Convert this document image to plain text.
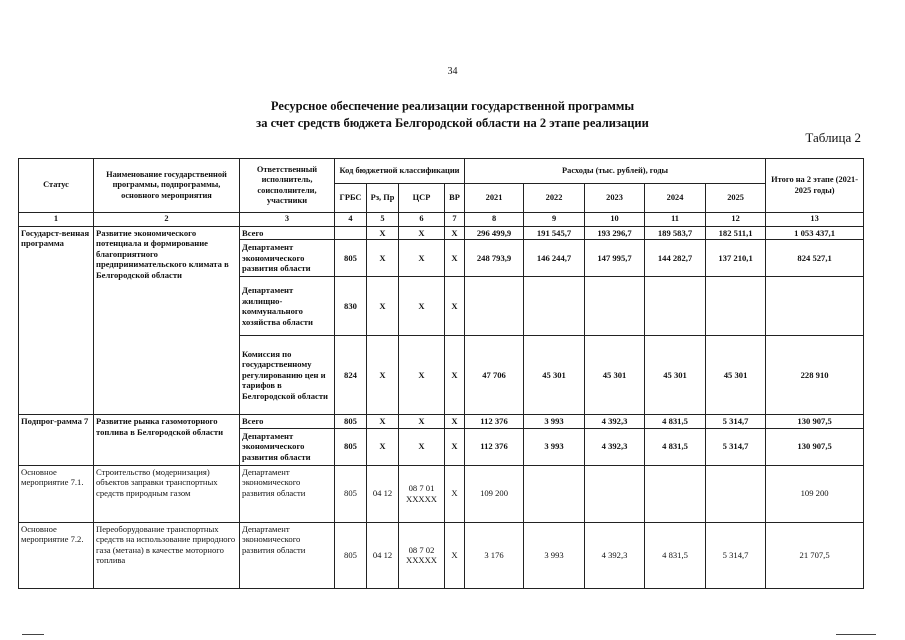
34
Ресурсное обеспечение реализации государственной программы
за счет средств бюджета Белгородской области на 2 этапе реализации
Таблица 2
Статус	Наименование государственной программы, подпрограммы, основного мероприятия	Ответственный исполнитель, соисполнители, участники	Код бюджетной классификации				Расходы (тыс. рублей), годы					Итого на 2 этапе (2021-2025 годы)
			ГРБС	Рз, Пр	ЦСР	ВР	2021	2022	2023	2024	2025	
1	2	3	4	5	6	7	8	9	10	11	12	13
Государст-венная программа	Развитие экономического потенциала и формирование благоприятного предпринимательского климата в Белгородской области	Всего		X	X	X	296 499,9	191 545,7	193 296,7	189 583,7	182 511,1	1 053 437,1
		Департамент экономического развития области	805	X	X	X	248 793,9	146 244,7	147 995,7	144 282,7	137 210,1	824 527,1
		Департамент жилищно-коммунального хозяйства области	830	X	X	X						
		Комиссия по государственному регулированию цен и тарифов в Белгородской области	824	X	X	X	47 706	45 301	45 301	45 301	45 301	228 910
Подпрог-рамма 7	Развитие рынка газомоторного топлива в Белгородской области	Всего	805	X	X	X	112 376	3 993	4 392,3	4 831,5	5 314,7	130 907,5
		Департамент экономического развития области	805	X	X	X	112 376	3 993	4 392,3	4 831,5	5 314,7	130 907,5
Основное мероприятие 7.1.	Строительство (модернизация) объектов заправки транспортных средств природным газом	Департамент экономического развития области	805	04 12	08 7 01 XXXXX	X	109 200					109 200
Основное мероприятие 7.2.	Переоборудование транспортных средств на использование природного газа (метана) в качестве моторного топлива	Департамент экономического развития области	805	04 12	08 7 02 XXXXX	X	3 176	3 993	4 392,3	4 831,5	5 314,7	21 707,5
